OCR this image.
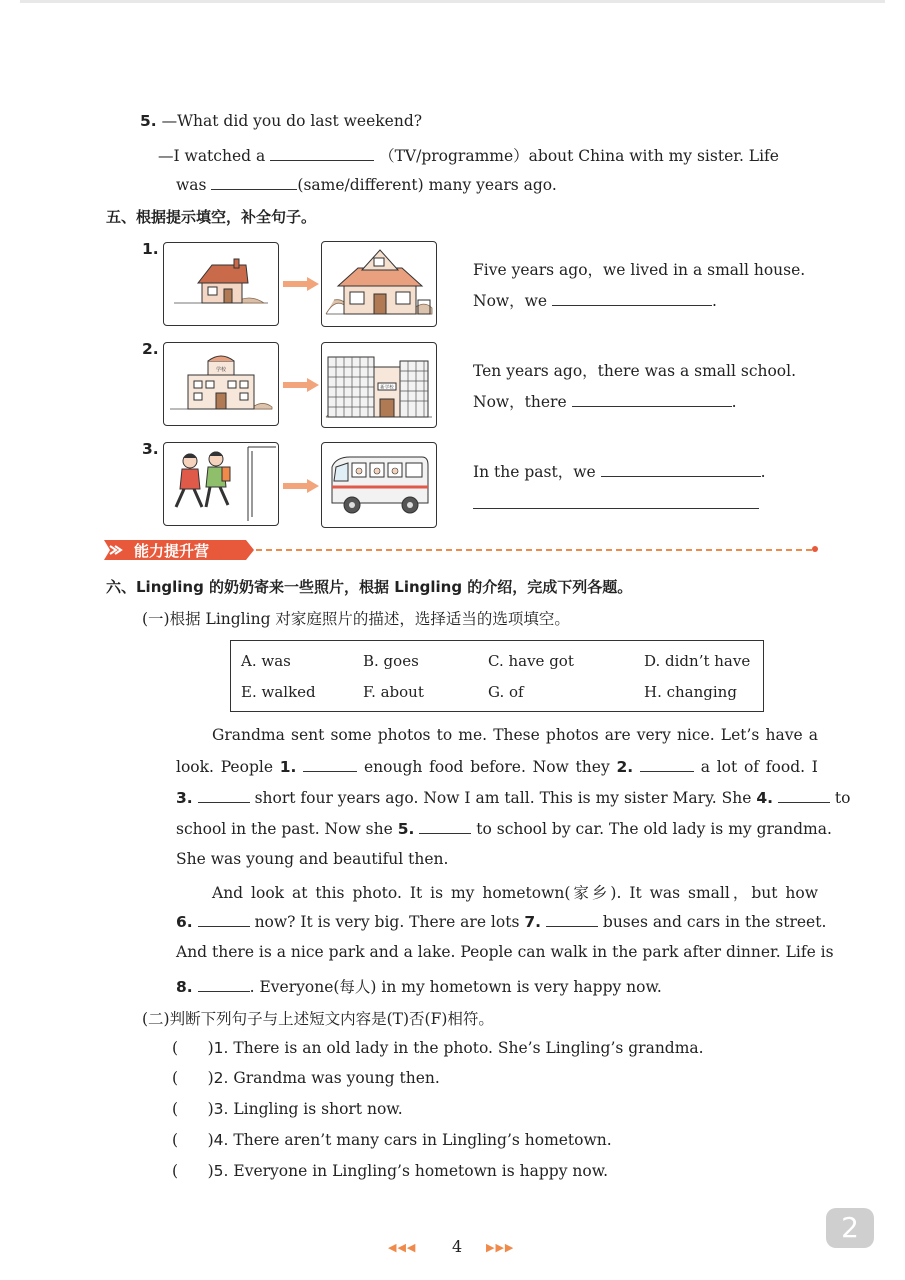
5. —What did you do last weekend?
—I watched a	（TV/programme）about China with my sister. Life
was	(same/different) many years ago.
五、根据提示填空，补全句子。
1.
Five years ago，we lived in a small house.
Now，we	.
2.
学校
新学校
Ten years ago，there was a small school.
Now，there	.
3.
In the past，we	.
能力提升营
六、Lingling 的奶奶寄来一些照片，根据 Lingling 的介绍，完成下列各题。
(一)根据 Lingling 对家庭照片的描述，选择适当的选项填空。
A. was	B. goes	C. have got	D. didn’t have
E. walked	F. about	G. of	H. changing
Grandma sent some photos to me. These photos are very nice. Let’s have a
look. People 1.	enough food before. Now they 2.	a lot of food. I
3.	short four years ago. Now I am tall. This is my sister Mary. She 4.	to
school in the past. Now she 5.	to school by car. The old lady is my grandma.
She was young and beautiful then.
And look at this photo. It is my hometown(家乡). It was small，but how
6.	now? It is very big. There are lots 7.	buses and cars in the street.
And there is a nice park and a lake. People can walk in the park after dinner. Life is
8.	. Everyone(每人) in my hometown is very happy now.
(二)判断下列句子与上述短文内容是(T)否(F)相符。
(      )1. There is an old lady in the photo. She’s Lingling’s grandma.
(      )2. Grandma was young then.
(      )3. Lingling is short now.
(      )4. There aren’t many cars in Lingling’s hometown.
(      )5. Everyone in Lingling’s hometown is happy now.
◀◀◀ 4 ▶▶▶
2
